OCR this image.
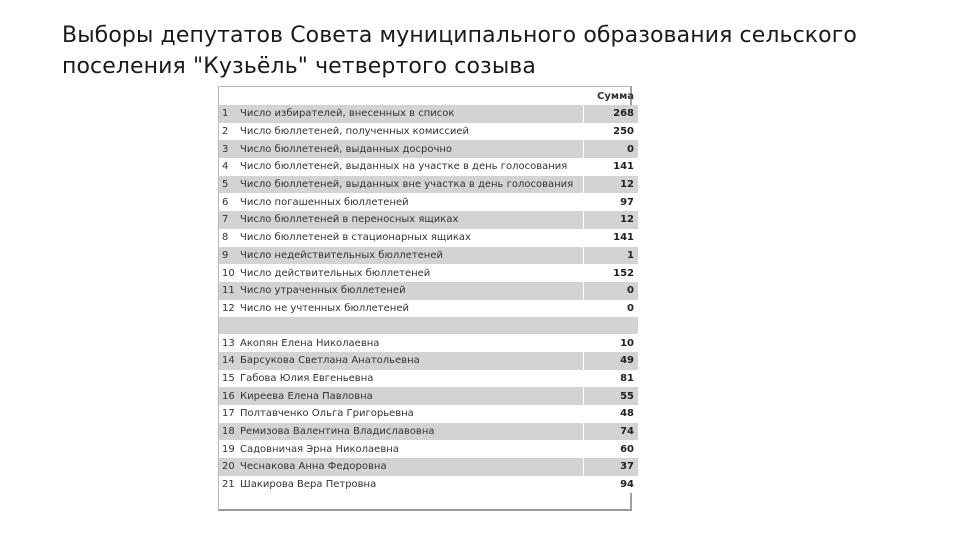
Выборы депутатов Совета муниципального образования сельского
поселения "Кузьёль" четвертого созыва
		Сумма
1	Число избирателей, внесенных в список	268
2	Число бюллетеней, полученных комиссией	250
3	Число бюллетеней, выданных досрочно	0
4	Число бюллетеней, выданных на участке в день голосования	141
5	Число бюллетеней, выданных вне участка в день голосования	12
6	Число погашенных бюллетеней	97
7	Число бюллетеней в переносных ящиках	12
8	Число бюллетеней в стационарных ящиках	141
9	Число недействительных бюллетеней	1
10	Число действительных бюллетеней	152
11	Число утраченных бюллетеней	0
12	Число не учтенных бюллетеней	0

13	Акопян Елена Николаевна	10
14	Барсукова Светлана Анатольевна	49
15	Габова Юлия Евгеньевна	81
16	Киреева Елена Павловна	55
17	Полтавченко Ольга Григорьевна	48
18	Ремизова Валентина Владиславовна	74
19	Садовничая Эрна Николаевна	60
20	Чеснакова Анна Федоровна	37
21	Шакирова Вера Петровна	94
